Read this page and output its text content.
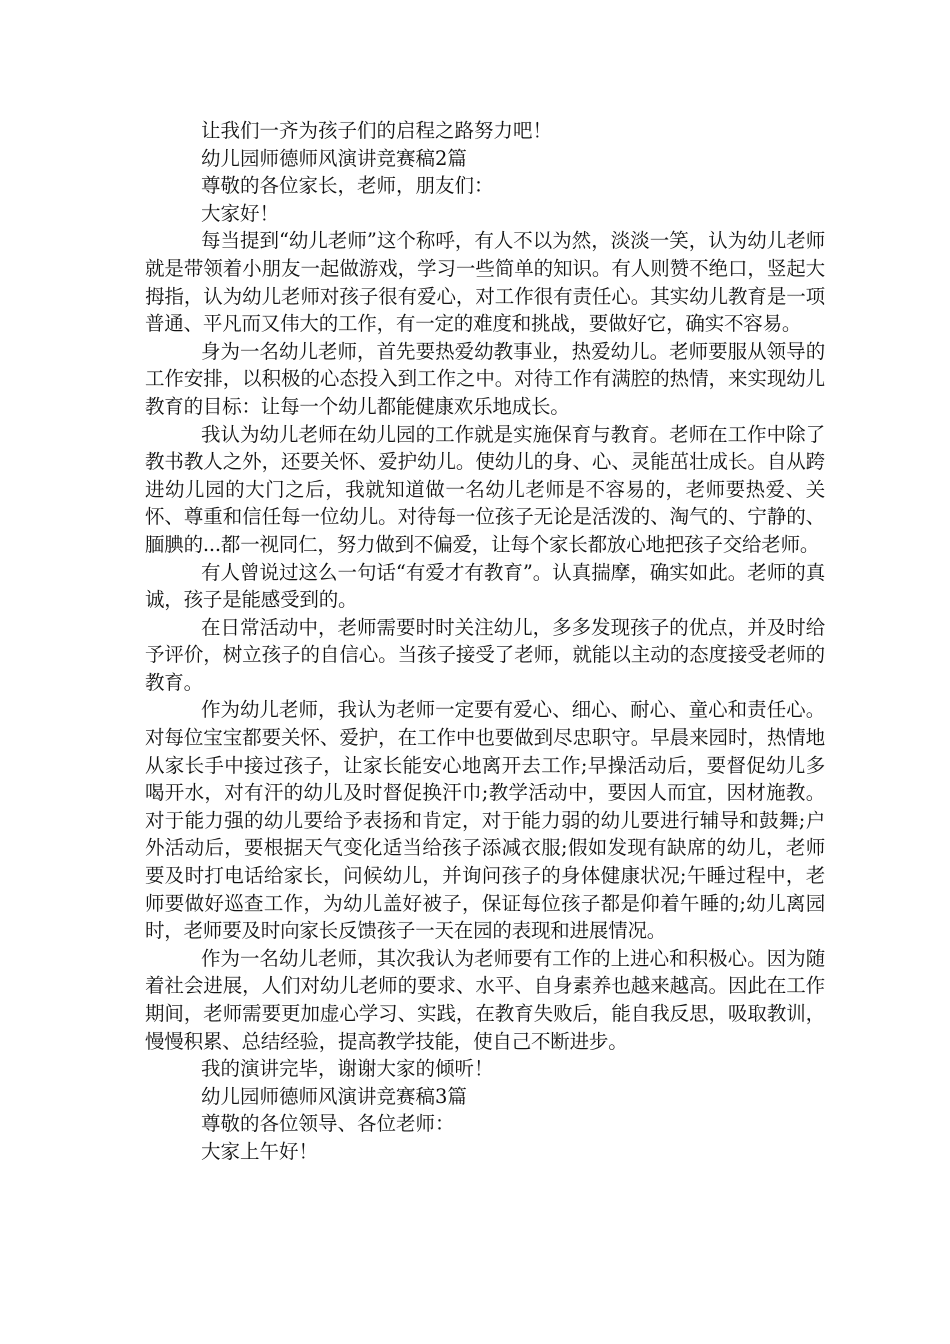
让我们一齐为孩子们的启程之路努力吧！

幼儿园师德师风演讲竞赛稿2篇

尊敬的各位家长，老师，朋友们：

大家好！

每当提到“幼儿老师”这个称呼，有人不以为然，淡淡一笑，认为幼儿老师就是带领着小朋友一起做游戏，学习一些简单的知识。有人则赞不绝口，竖起大拇指，认为幼儿老师对孩子很有爱心，对工作很有责任心。其实幼儿教育是一项普通、平凡而又伟大的工作，有一定的难度和挑战，要做好它，确实不容易。

身为一名幼儿老师，首先要热爱幼教事业，热爱幼儿。老师要服从领导的工作安排，以积极的心态投入到工作之中。对待工作有满腔的热情，来实现幼儿教育的目标：让每一个幼儿都能健康欢乐地成长。

我认为幼儿老师在幼儿园的工作就是实施保育与教育。老师在工作中除了教书教人之外，还要关怀、爱护幼儿。使幼儿的身、心、灵能茁壮成长。自从跨进幼儿园的大门之后，我就知道做一名幼儿老师是不容易的，老师要热爱、关怀、尊重和信任每一位幼儿。对待每一位孩子无论是活泼的、淘气的、宁静的、腼腆的...都一视同仁，努力做到不偏爱，让每个家长都放心地把孩子交给老师。

有人曾说过这么一句话“有爱才有教育”。认真揣摩，确实如此。老师的真诚，孩子是能感受到的。

在日常活动中，老师需要时时关注幼儿，多多发现孩子的优点，并及时给予评价，树立孩子的自信心。当孩子接受了老师，就能以主动的态度接受老师的教育。

作为幼儿老师，我认为老师一定要有爱心、细心、耐心、童心和责任心。对每位宝宝都要关怀、爱护，在工作中也要做到尽忠职守。早晨来园时，热情地从家长手中接过孩子，让家长能安心地离开去工作;早操活动后，要督促幼儿多喝开水，对有汗的幼儿及时督促换汗巾;教学活动中，要因人而宜，因材施教。对于能力强的幼儿要给予表扬和肯定，对于能力弱的幼儿要进行辅导和鼓舞;户外活动后，要根据天气变化适当给孩子添减衣服;假如发现有缺席的幼儿，老师要及时打电话给家长，问候幼儿，并询问孩子的身体健康状况;午睡过程中，老师要做好巡查工作，为幼儿盖好被子，保证每位孩子都是仰着午睡的;幼儿离园时，老师要及时向家长反馈孩子一天在园的表现和进展情况。

作为一名幼儿老师，其次我认为老师要有工作的上进心和积极心。因为随着社会进展，人们对幼儿老师的要求、水平、自身素养也越来越高。因此在工作期间，老师需要更加虚心学习、实践，在教育失败后，能自我反思，吸取教训，慢慢积累、总结经验，提高教学技能，使自己不断进步。

我的演讲完毕，谢谢大家的倾听！

幼儿园师德师风演讲竞赛稿3篇

尊敬的各位领导、各位老师：

大家上午好！
